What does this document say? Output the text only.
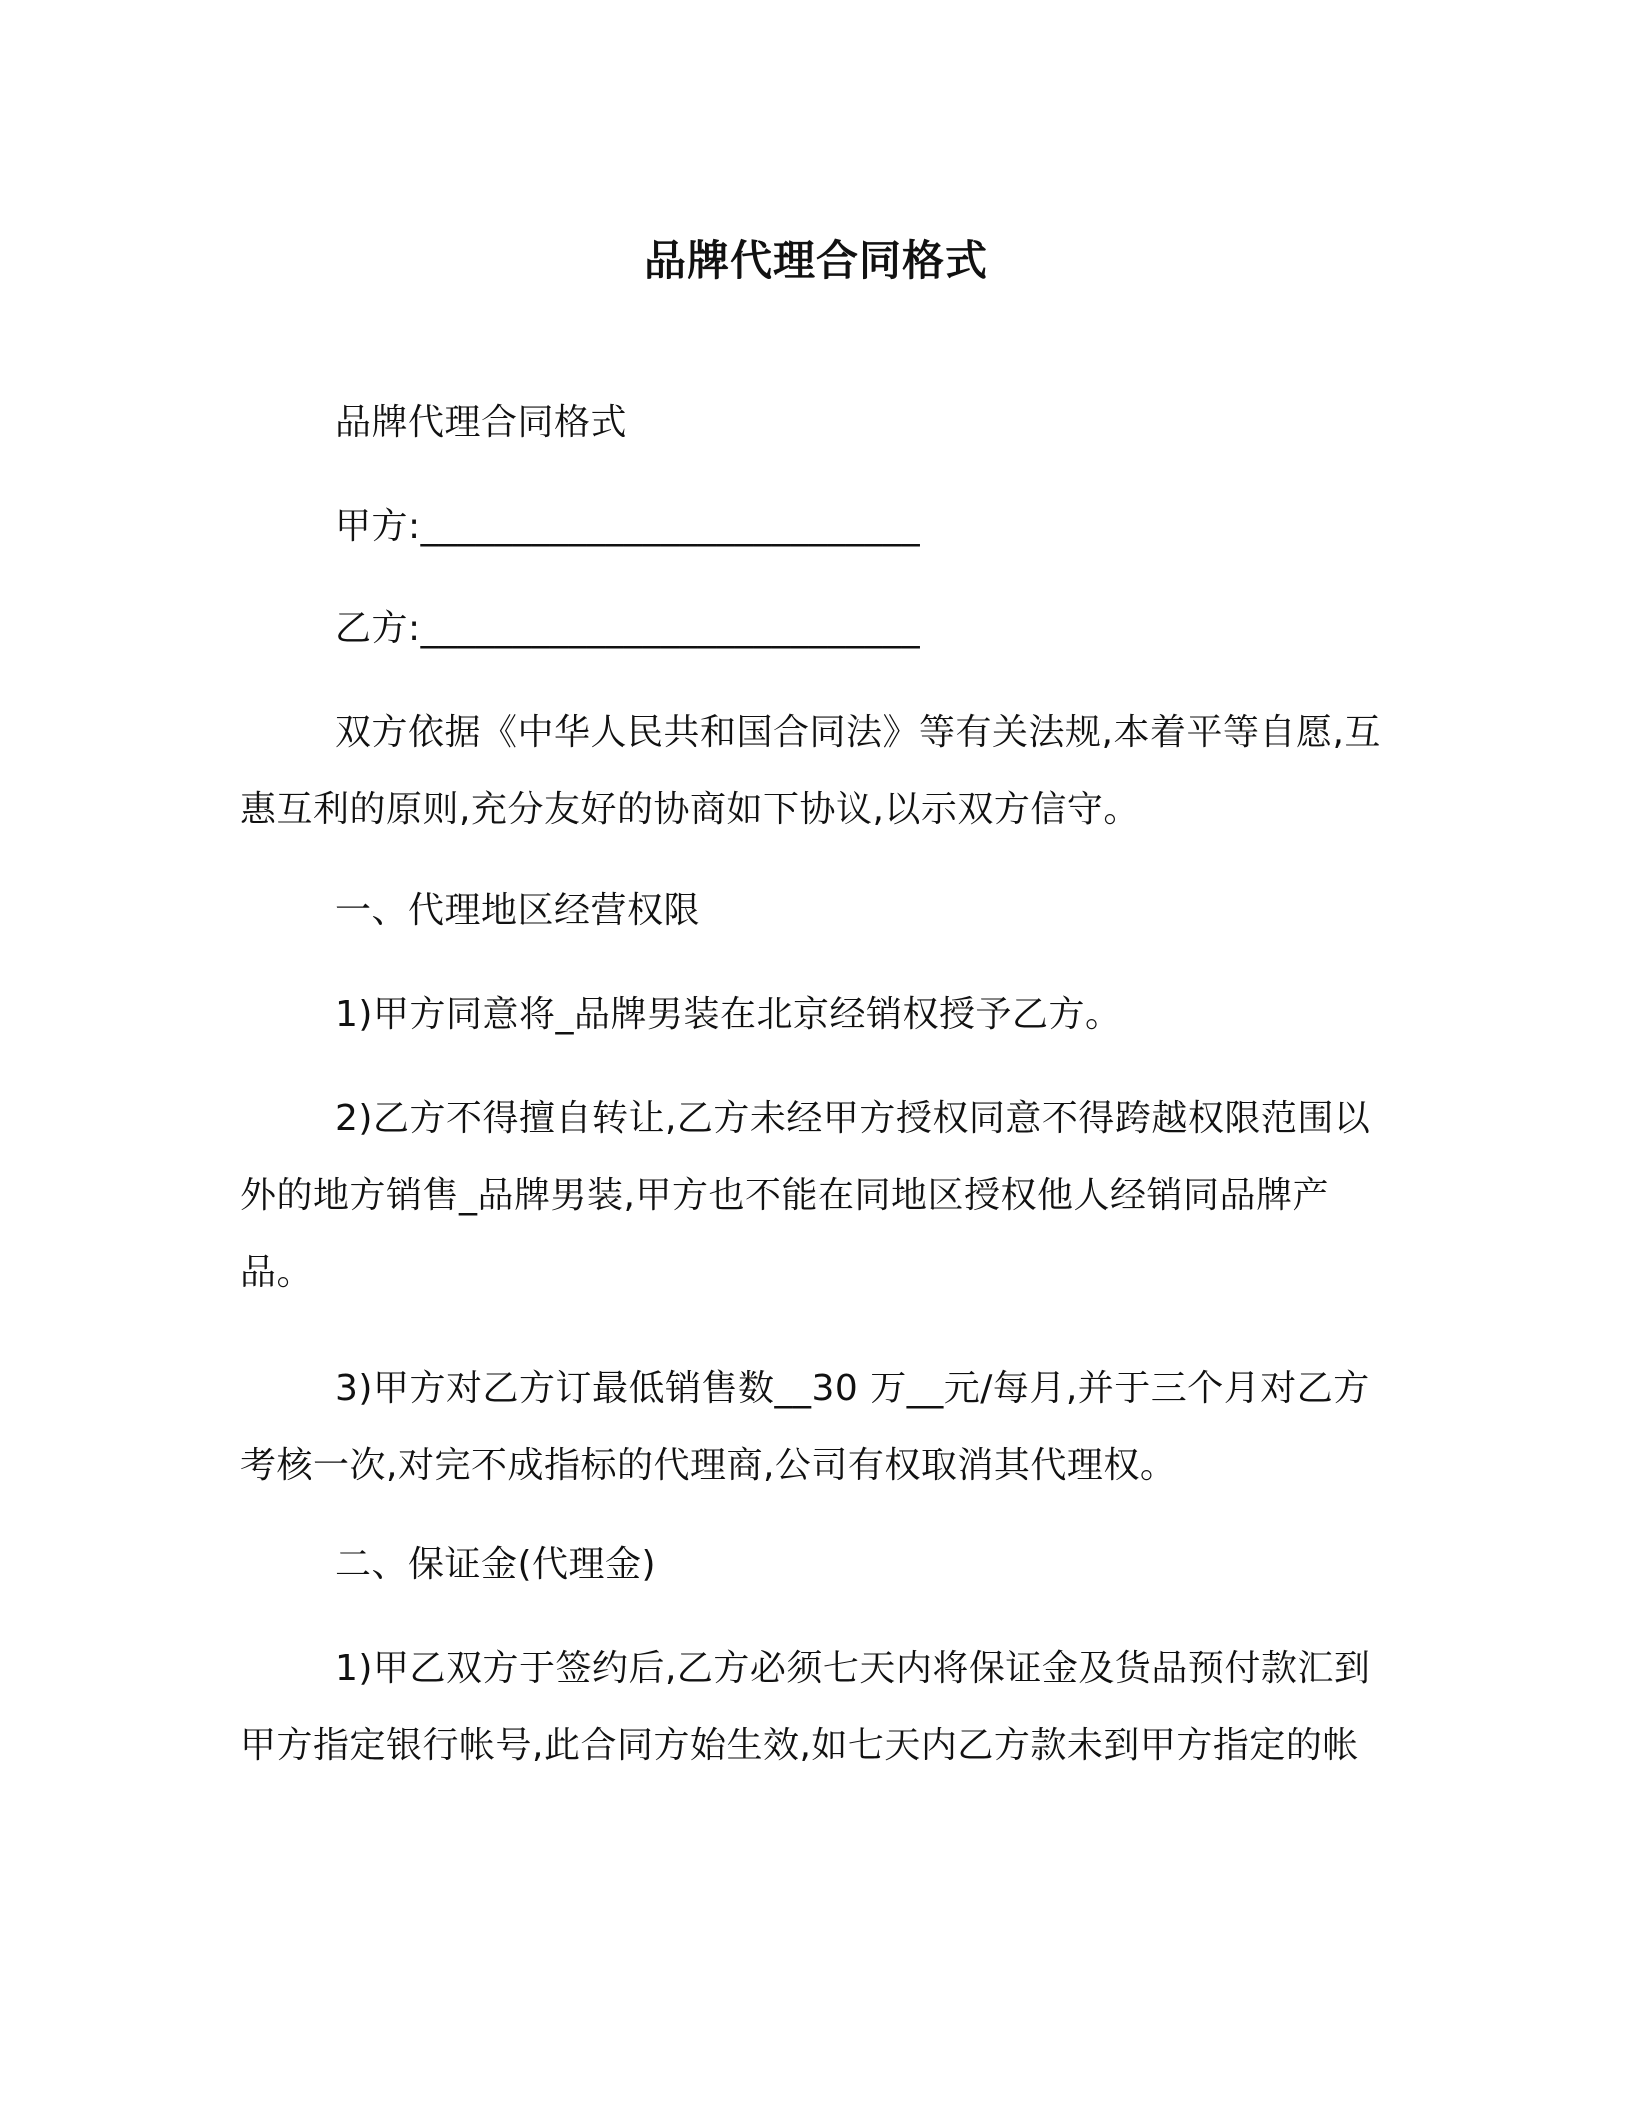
品牌代理合同格式

品牌代理合同格式

甲方:___________________________

乙方:___________________________

双方依据《中华人民共和国合同法》等有关法规,本着平等自愿,互惠互利的原则,充分友好的协商如下协议,以示双方信守。

一、代理地区经营权限

1)甲方同意将_品牌男装在北京经销权授予乙方。

2)乙方不得擅自转让,乙方未经甲方授权同意不得跨越权限范围以外的地方销售_品牌男装,甲方也不能在同地区授权他人经销同品牌产品。

3)甲方对乙方订最低销售数__30 万__元/每月,并于三个月对乙方考核一次,对完不成指标的代理商,公司有权取消其代理权。

二、保证金(代理金)

1)甲乙双方于签约后,乙方必须七天内将保证金及货品预付款汇到甲方指定银行帐号,此合同方始生效,如七天内乙方款未到甲方指定的帐
